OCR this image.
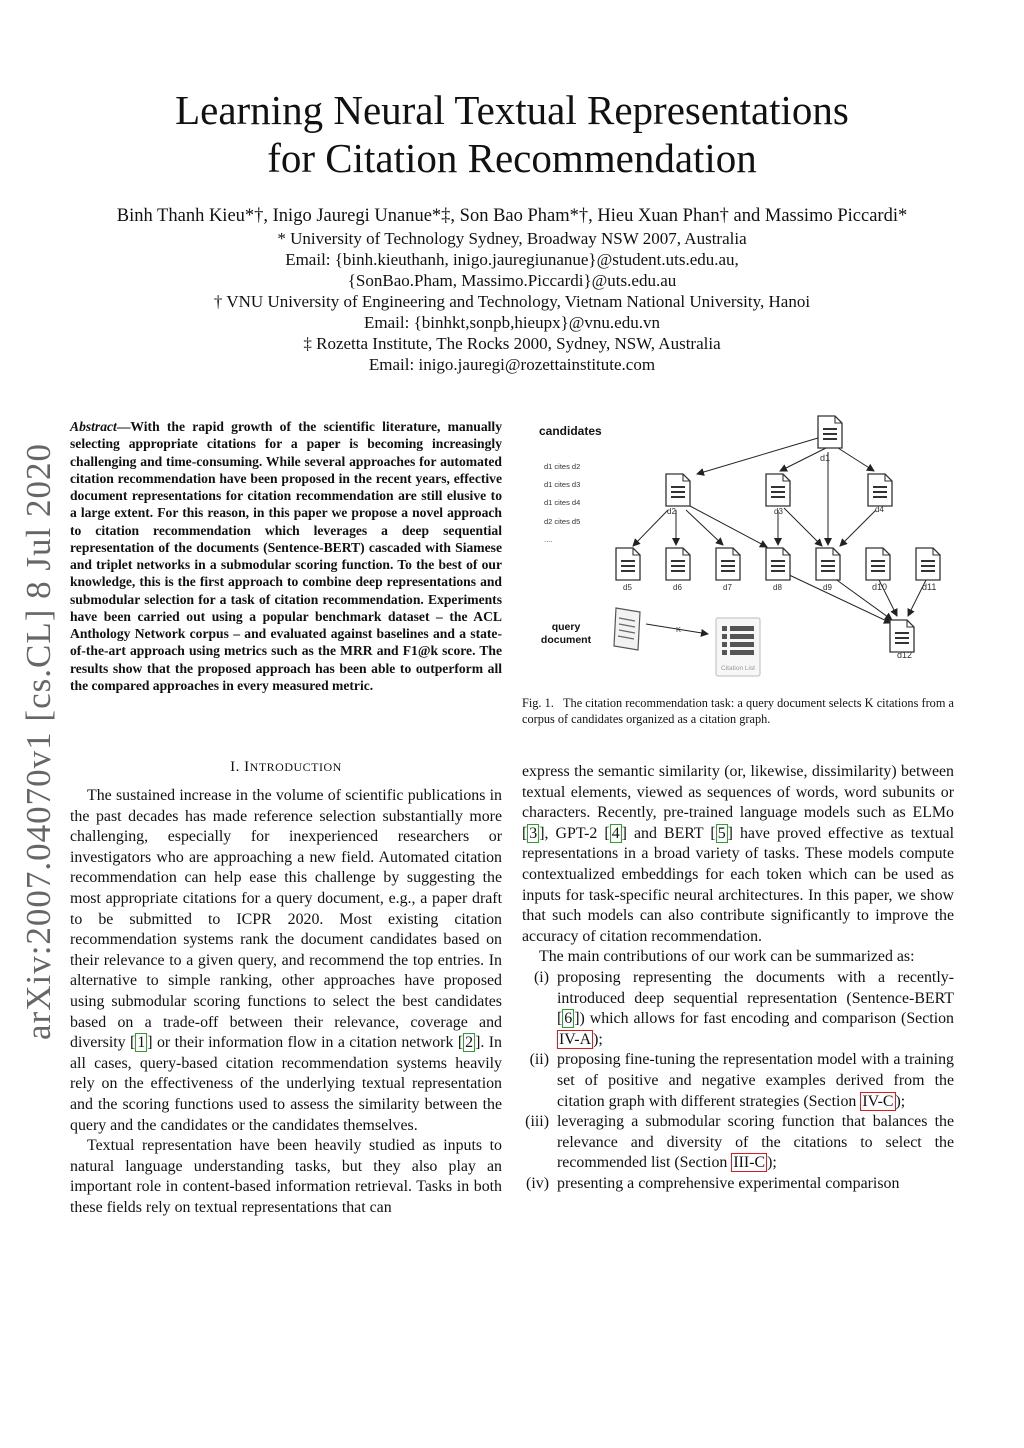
Learning Neural Textual Representations
for Citation Recommendation
Binh Thanh Kieu*†, Inigo Jauregi Unanue*‡, Son Bao Pham*†, Hieu Xuan Phan† and Massimo Piccardi*
* University of Technology Sydney, Broadway NSW 2007, Australia
Email: {binh.kieuthanh, inigo.jauregiunanue}@student.uts.edu.au,
{SonBao.Pham, Massimo.Piccardi}@uts.edu.au
† VNU University of Engineering and Technology, Vietnam National University, Hanoi
Email: {binhkt,sonpb,hieupx}@vnu.edu.vn
‡ Rozetta Institute, The Rocks 2000, Sydney, NSW, Australia
Email: inigo.jauregi@rozettainstitute.com
arXiv:2007.04070v1 [cs.CL] 8 Jul 2020
Abstract—With the rapid growth of the scientific literature, manually selecting appropriate citations for a paper is becoming increasingly challenging and time-consuming. While several approaches for automated citation recommendation have been proposed in the recent years, effective document representations for citation recommendation are still elusive to a large extent. For this reason, in this paper we propose a novel approach to citation recommendation which leverages a deep sequential representation of the documents (Sentence-BERT) cascaded with Siamese and triplet networks in a submodular scoring function. To the best of our knowledge, this is the first approach to combine deep representations and submodular selection for a task of citation recommendation. Experiments have been carried out using a popular benchmark dataset – the ACL Anthology Network corpus – and evaluated against baselines and a state-of-the-art approach using metrics such as the MRR and F1@k score. The results show that the proposed approach has been able to outperform all the compared approaches in every measured metric.
I. INTRODUCTION

The sustained increase in the volume of scientific publications in the past decades has made reference selection substantially more challenging, especially for inexperienced researchers or investigators who are approaching a new field. Automated citation recommendation can help ease this challenge by suggesting the most appropriate citations for a query document, e.g., a paper draft to be submitted to ICPR 2020. Most existing citation recommendation systems rank the document candidates based on their relevance to a given query, and recommend the top entries. In alternative to simple ranking, other approaches have proposed using submodular scoring functions to select the best candidates based on a trade-off between their relevance, coverage and diversity [ 1 ] or their information flow in a citation network [ 2 ]. In all cases, query-based citation recommendation systems heavily rely on the effectiveness of the underlying textual representation and the scoring functions used to assess the similarity between the query and the candidates or the candidates themselves.

Textual representation have been heavily studied as inputs to natural language understanding tasks, but they also play an important role in content-based information retrieval. Tasks in both these fields rely on textual representations that can

d1
d2	d3	d4
d5	d6	d7	d8	d9	d10	d11
d12
candidates
d1 cites d2
d1 cites d3
d1 cites d4
d2 cites d5
....
query
document
K
Citation List
Fig. 1. The citation recommendation task: a query document selects K citations from a corpus of candidates organized as a citation graph.

express the semantic similarity (or, likewise, dissimilarity) between textual elements, viewed as sequences of words, word subunits or characters. Recently, pre-trained language models such as ELMo [ 3 ], GPT-2 [ 4 ] and BERT [ 5 ] have proved effective as textual representations in a broad variety of tasks. These models compute contextualized embeddings for each token which can be used as inputs for task-specific neural architectures. In this paper, we show that such models can also contribute significantly to improve the accuracy of citation recommendation.

The main contributions of our work can be summarized as:

(i) proposing representing the documents with a recently-introduced deep sequential representation (Sentence-BERT [ 6 ]) which allows for fast encoding and comparison (Section IV-A );
(ii) proposing fine-tuning the representation model with a training set of positive and negative examples derived from the citation graph with different strategies (Section IV-C );
(iii) leveraging a submodular scoring function that balances the relevance and diversity of the citations to select the recommended list (Section III-C );
(iv) presenting a comprehensive experimental comparison
